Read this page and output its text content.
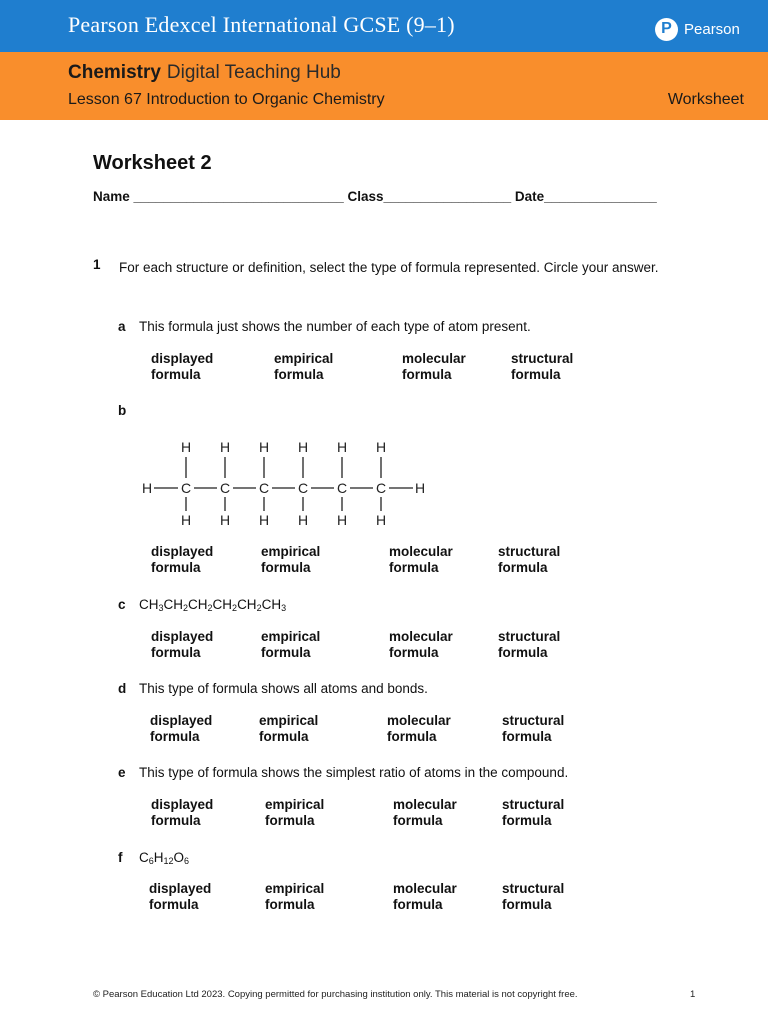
Pearson Edexcel International GCSE (9–1)	P Pearson
Chemistry Digital Teaching Hub
Lesson 67 Introduction to Organic Chemistry	Worksheet
Worksheet 2
Name ____________________________ Class_________________ Date_______________
1 For each structure or definition, select the type of formula represented. Circle your answer.
a This formula just shows the number of each type of atom present.
displayed formula
empirical formula
molecular formula
structural formula
b
C
H
H
C
H
H
C
H
H
C
H
H
C
H
H
C
H
H
H	H
displayed formula
empirical formula
molecular formula
structural formula
c $CH_3CH_2CH_2CH_2CH_2CH_3$
displayed formula
empirical formula
molecular formula
structural formula
d This type of formula shows all atoms and bonds.
displayed formula
empirical formula
molecular formula
structural formula
e This type of formula shows the simplest ratio of atoms in the compound.
displayed formula
empirical formula
molecular formula
structural formula
f $C_6H_{12}O_6$
displayed formula
empirical formula
molecular formula
structural formula
© Pearson Education Ltd 2023. Copying permitted for purchasing institution only. This material is not copyright free.	1
